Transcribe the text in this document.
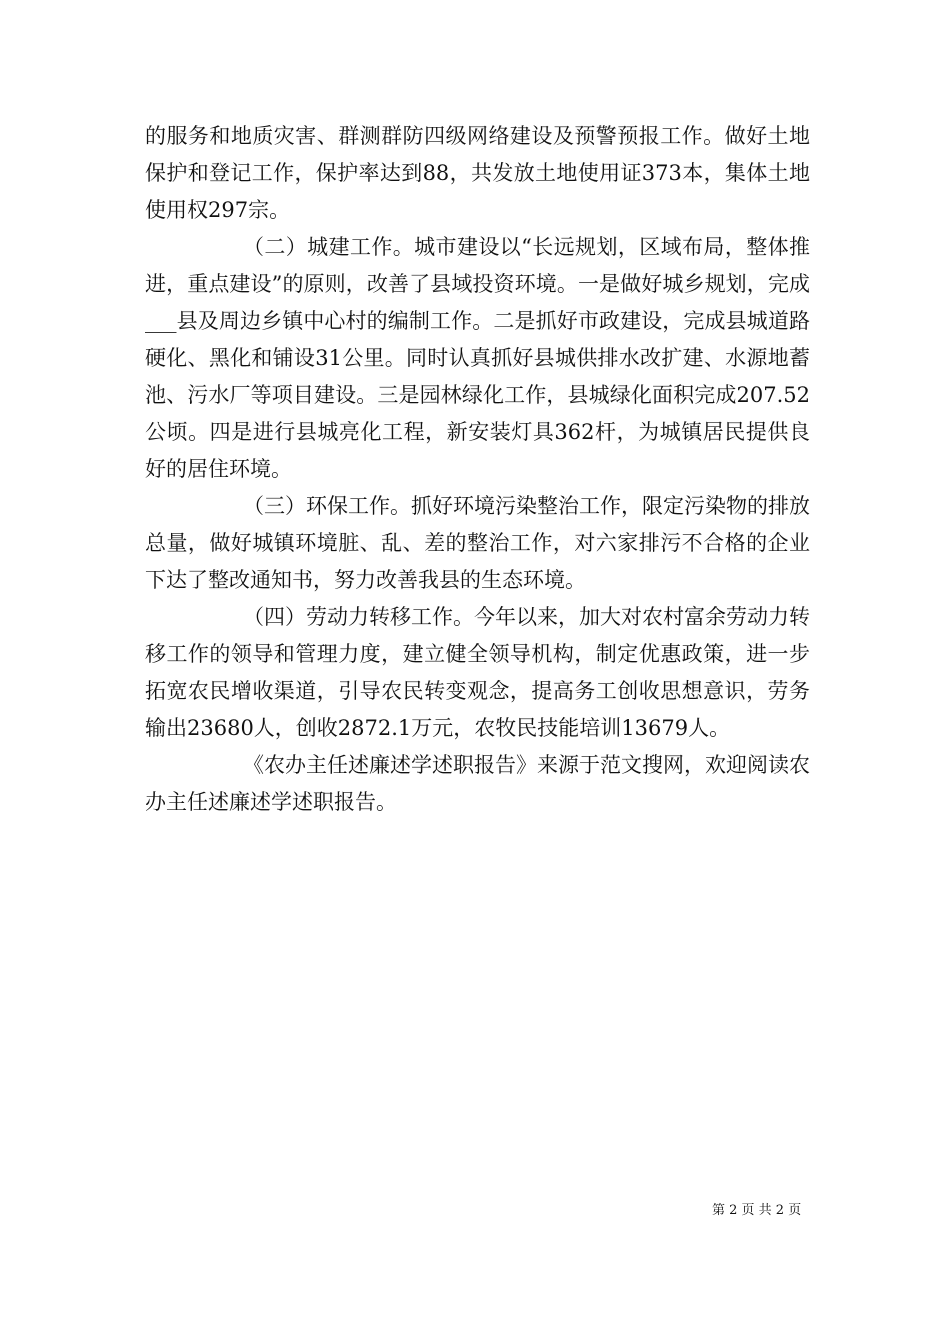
的服务和地质灾害、群测群防四级网络建设及预警预报工作。做好土地保护和登记工作，保护率达到88，共发放土地使用证373本，集体土地使用权297宗。

（二）城建工作。城市建设以“长远规划，区域布局，整体推进，重点建设”的原则，改善了县域投资环境。一是做好城乡规划，完成___县及周边乡镇中心村的编制工作。二是抓好市政建设，完成县城道路硬化、黑化和铺设31公里。同时认真抓好县城供排水改扩建、水源地蓄池、污水厂等项目建设。三是园林绿化工作，县城绿化面积完成207.52公顷。四是进行县城亮化工程，新安装灯具362杆，为城镇居民提供良好的居住环境。

（三）环保工作。抓好环境污染整治工作，限定污染物的排放总量，做好城镇环境脏、乱、差的整治工作，对六家排污不合格的企业下达了整改通知书，努力改善我县的生态环境。

（四）劳动力转移工作。今年以来，加大对农村富余劳动力转移工作的领导和管理力度，建立健全领导机构，制定优惠政策，进一步拓宽农民增收渠道，引导农民转变观念，提高务工创收思想意识，劳务输出23680人，创收2872.1万元，农牧民技能培训13679人。

《农办主任述廉述学述职报告》来源于范文搜网，欢迎阅读农办主任述廉述学述职报告。

第 2 页 共 2 页
